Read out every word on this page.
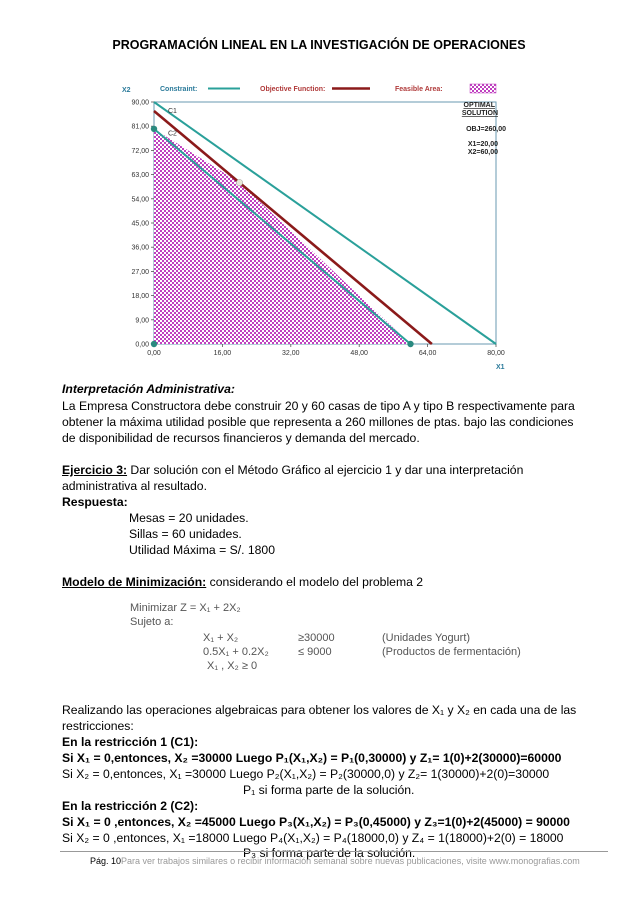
PROGRAMACIÓN LINEAL EN LA INVESTIGACIÓN DE OPERACIONES
0,00
9,00
18,00
27,00
36,00
45,00
54,00
63,00
72,00
81,00
90,00
0,00	16,00	32,00	48,00	64,00	80,00
C1
C2
X2
X1
Constraint:	Objective Function:	Feasible Area:
OPTIMAL
SOLUTION
OBJ=260,00
X1=20,00
X2=60,00
Interpretación Administrativa:
La Empresa Constructora debe construir 20 y 60 casas de tipo A y tipo B respectivamente para
obtener la máxima utilidad posible que representa a 260 millones de ptas. bajo las condiciones
de disponibilidad de recursos financieros y demanda del mercado.
Ejercicio 3: Dar solución con el Método Gráfico al ejercicio 1 y dar una interpretación
administrativa al resultado.
Respuesta:
Mesas = 20 unidades.
Sillas = 60 unidades.
Utilidad Máxima = S/. 1800
Modelo de Minimización: considerando el modelo del problema 2
Minimizar Z = X₁ + 2X₂
Sujeto a:
X₁ + X₂	≥30000	(Unidades Yogurt)
0.5X₁ + 0.2X₂	≤ 9000	(Productos de fermentación)
X₁ , X₂ ≥ 0
Realizando las operaciones algebraicas para obtener los valores de X₁ y X₂ en cada una de las
restricciones:
En la restricción 1 (C1):
Si X₁ = 0,entonces, X₂ =30000 Luego P₁(X₁,X₂) = P₁(0,30000) y Z₁= 1(0)+2(30000)=60000
Si X₂ = 0,entonces, X₁ =30000 Luego P₂(X₁,X₂) = P₂(30000,0) y Z₂= 1(30000)+2(0)=30000
P₁ si forma parte de la solución.
En la restricción 2 (C2):
Si X₁ = 0 ,entonces, X₂ =45000 Luego P₃(X₁,X₂) = P₃(0,45000) y Z₃=1(0)+2(45000) = 90000
Si X₂ = 0 ,entonces, X₁ =18000 Luego P₄(X₁,X₂) = P₄(18000,0) y Z₄ = 1(18000)+2(0) = 18000
P₃ si forma parte de la solución.
Pág. 10Para ver trabajos similares o recibir información semanal sobre nuevas publicaciones, visite www.monografias.com
